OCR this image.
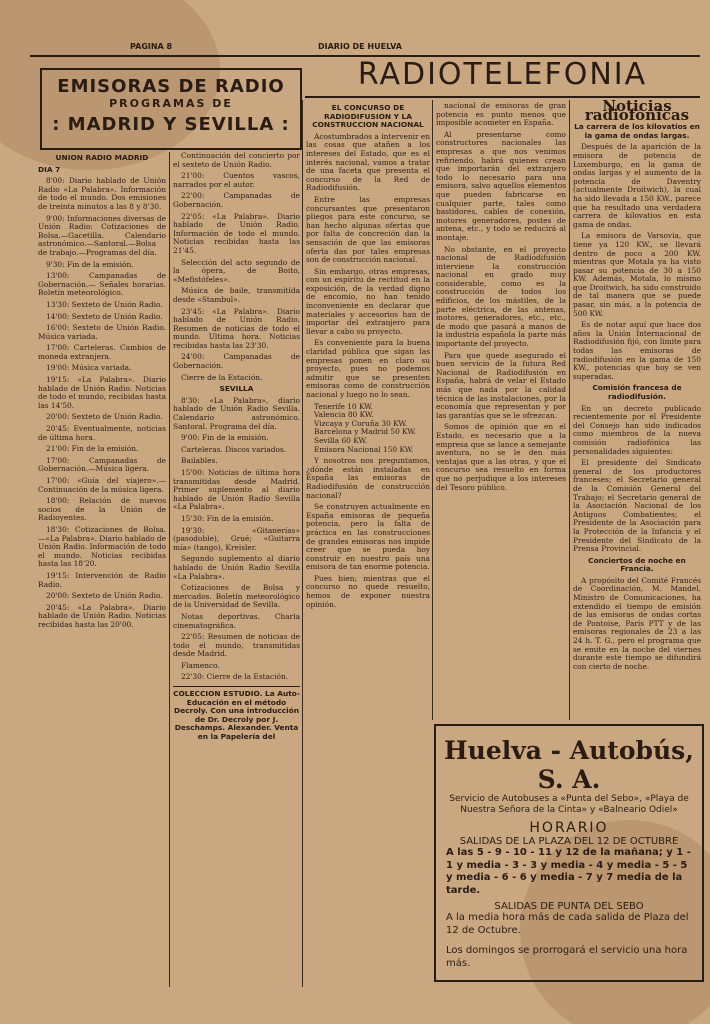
PAGINA 8	DIARIO DE HUELVA
EMISORAS DE RADIO
PROGRAMAS DE
: MADRID Y SEVILLA :
RADIOTELEFONIA
UNION RADIO MADRID
DIA 7

8'00: Diario hablado de Unión Radio «La Palabra». Información de todo el mundo. Dos emisiones de treinta minutos a las 8 y 8'30.

9'00: Informaciones diversas de Unión Radio: Cotizaciones de Bolsa.—Gacetilla. Calendario astronómico.—Santoral.—Bolsa de trabajo.—Programas del día.

9'30: Fin de la emisión.

13'00: Campanadas de Gobernación.— Señales horarias. Boletín meteorológico.

13'30: Sexteto de Unión Radio.

14'00: Sexteto de Unión Radio.

16'00: Sexteto de Unión Radio. Música variada.

17'00: Carteleras. Cambios de moneda extranjera.

19'00: Música variada.

19'15: «La Palabra». Diario hablado de Unión Radio. Noticias de todo el mundo, recibidas hasta las 14'50.

20'00: Sexteto de Unión Radio.

20'45: Eventualmente, noticias de última hora.

21'00: Fin de la emisión.

17'00: Campanadas de Gobernación.—Música ligera.

17'00: «Guía del viajero».—Continuación de la música ligera.

18'00: Relación de nuevos socios de la Unión de Radioyentes.

18'30: Cotizaciones de Bolsa.—«La Palabra». Diario hablado de Unión Radio. Información de todo el mundo. Noticias recibidas hasta las 18'20.

19'15: Intervención de Radio Radio.

20'00: Sexteto de Unión Radio.

20'45: «La Palabra». Diario hablado de Unión Radio. Noticias recibidas hasta las 20'00.

Continuación del concierto por el sexteto de Unión Radio.

21'00: Cuentos vascos, narrados por el autor.

22'00: Campanadas de Gobernación.

22'05: «La Palabra». Diario hablado de Unión Radio. Información de todo el mundo. Noticias recibidas hasta las 21'45.

Selección del acto segundo de la ópera, de Boito, «Mefistófeles».

Música de baile, transmitida desde «Stambul».

23'45: «La Palabra». Diario hablado de Unión Radio. Resumen de noticias de todo el mundo. Ultima hora. Noticias recibidas hasta las 23'30.

24'00: Campanadas de Gobernación.

Cierre de la Estación.

SEVILLA

8'30: «La Palabra», diario hablado de Unión Radio Sevilla. Calendario astronómico. Santoral. Programa del día.

9'00: Fin de la emisión.

Carteleras. Discos variados.

Bailables.

15'00: Noticias de última hora transmitidas desde Madrid. Primer suplemento al diario hablado de Unión Radio Sevilla «La Palabra».

15'30: Fin de la emisión.

19'30: «Gitanerías» (pasodoble), Grué; «Guitarra mía» (tango), Kreisler.

Segundo suplemento al diario hablado de Unión Radio Sevilla «La Palabra».

Cotizaciones de Bolsa y mercados. Boletín meteorológico de la Universidad de Sevilla.

Notas deportivas. Charla cinematográfica.

22'05: Resumen de noticias de todo el mundo, transmitidas desde Madrid.

Flamenco.

22'30: Cierre de la Estación.

COLECCION ESTUDIO. La Auto-Educación en el método Decroly. Con una introducción de Dr. Decroly por J. Deschamps. Alexander. Venta en la Papelería del
EL CONCURSO DE RADIODIFUSION Y LA CONSTRUCCION NACIONAL

Acostumbrados a intervenir en las cosas que atañen a los intereses del Estado, que es el interés nacional, vamos a tratar de una faceta que presenta el concurso de la Red de Radiodifusión.

Entre las empresas concursantes que presentaron pliegos para este concurso, se han hecho algunas ofertas que por falta de concreción dan la sensación de que las emisoras oferta das por tales empresas son de construcción nacional.

Sin embargo, otras empresas, con un espíritu de rectitud en la exposición, de la verdad digno de encomio, no han tenido inconveniente en declarar que materiales y accesorios han de importar del extranjero para llevar a cabo su proyecto.

Es conveniente para la buena claridad pública que sigan las empresas ponen en claro su proyecto, pues no podemos admitir que se presenten emisoras como de construcción nacional y luego no lo sean.

Tenerife 10 KW.

Valencia 80 KW.

Vizcaya y Coruña 30 KW.

Barcelona y Madrid 50 KW.

Sevilla 60 KW.

Emisora Nacional 150 KW.

Y nosotros nos preguntamos, ¿dónde están instaladas en España las emisoras de Radiodifusión de construcción nacional?

Se construyen actualmente en España emisoras de pequeña potencia, pero la falta de práctica en las construcciones de grandes emisoras nos impide creer que se pueda hoy construir en nuestro país una emisora de tan enorme potencia.

Pues bien; mientras que el concurso no quede resuelto, hemos de exponer nuestra opinión.

nacional de emisoras de gran potencia es punto menos que imposible acometer en España.

Al presentarse como constructores nacionales las empresas a que nos venimos refiriendo, habrá quienes crean que importarán del extranjero todo lo necesario para una emisora, salvo aquellos elementos que pueden fabricarse en cualquier parte, tales como bastidores, cables de conexión, motores generadores, postes de antena, etc., y todo se reducirá al montaje.

No obstante, en el proyecto nacional de Radiodifusión interviene la construcción nacional en grado muy considerable, como es la construcción de todos los edificios, de los mástiles, de la parte eléctrica, de las antenas, motores, generadores, etc., etc., de modo que pasará a manos de la industria española la parte más importante del proyecto.

Para que quede asegurado el buen servicio de la futura Red Nacional de Radiodifusión en España, habrá de velar el Estado más que nada por la calidad técnica de las instalaciones, por la economía que representan y por las garantías que se le ofrezcan.

Somos de opinión que en el Estado, es necesario que a la empresa que se lance a semejante aventura, no se le den más ventajas que a las otras, y que el concurso sea resuelto en forma que no perjudique a los intereses del Tesoro público.

Noticias radiofónicas
La carrera de los kilovatios en la gama de ondas largas.

Después de la aparición de la emisora de potencia de Luxemburgo, en la gama de ondas largas y el aumento de la potencia de Daventry (actualmente Droitwich), la cual ha sido llevada a 150 KW., parece que ha resultado una verdadera carrera de kilovatios en esta gama de ondas.

La emisora de Varsovia, que tiene ya 120 KW., se llevará dentro de poco a 200 KW. mientras que Motala ya ha visto pasar su potencia de 30 a 150 KW. Además, Motala, lo mismo que Droitwich, ha sido construido de tal manera que se puede pasar, sin más, a la potencia de 500 KW.

Es de notar aquí que hace dos años la Unión Internacional de Radiodifusión fijó, con límite para todas las emisoras de radiodifusión en la gama de 150 KW., potencias que hoy se ven superadas.

Comisión francesa de radiodifusión.

En un decreto publicado recientemente por el Presidente del Consejo han sido indicados como miembros de la nueva comisión radiofónica las personalidades siguientes:

El presidente del Sindicato general de los productores franceses; el Secretario general de la Comisión General del Trabajo; el Secretario general de la Asociación Nacional de los Antiguos Combatientes; el Presidente de la Asociación para la Protección de la Infancia y el Presidente del Sindicato de la Prensa Provincial.

Conciertos de noche en Francia.

A propósito del Comité Francés de Coordinación, M. Mandel, Ministro de Comunicaciones, ha extendido el tiempo de emisión de las emisoras de ondas cortas de Pontoise, París PTT y de las emisoras regionales de 23 a las 24 h. T. G., pero el programa que se emite en la noche del viernes durante este tiempo se difundirá con cierto de noche.

Huelva - Autobús, S. A.
Servicio de Autobuses a «Punta del Sebo», «Playa de Nuestra Señora de la Cinta» y «Balneario Odiel»
HORARIO
SALIDAS DE LA PLAZA DEL 12 DE OCTUBRE
A las 5 - 9 - 10 - 11 y 12 de la mañana; y 1 - 1 y media - 3 - 3 y media - 4 y media - 5 - 5 y media - 6 - 6 y media - 7 y 7 media de la tarde.
SALIDAS DE PUNTA DEL SEBO
A la media hora más de cada salida de Plaza del 12 de Octubre.
Los domingos se prorrogará el servicio una hora más.
